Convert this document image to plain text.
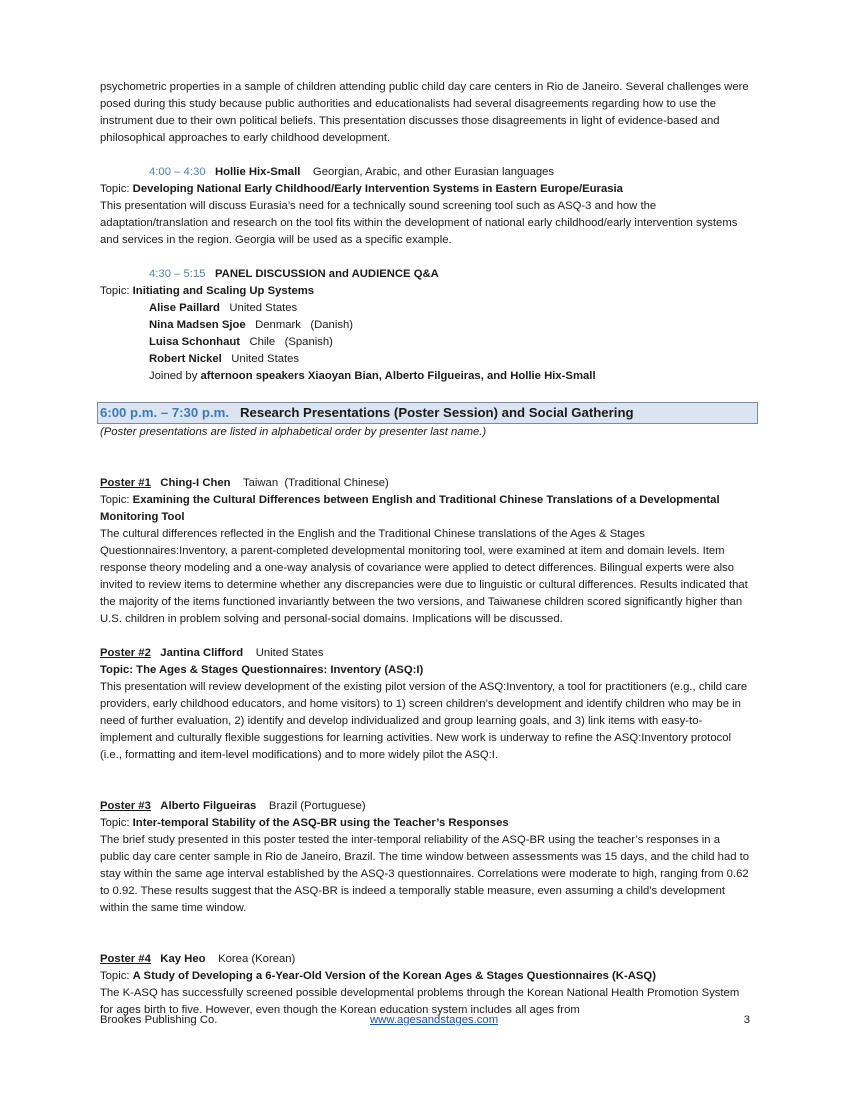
psychometric properties in a sample of children attending public child day care centers in Rio de Janeiro. Several challenges were posed during this study because public authorities and educationalists had several disagreements regarding how to use the instrument due to their own political beliefs. This presentation discusses those disagreements in light of evidence-based and philosophical approaches to early childhood development.

4:00 – 4:30 Hollie Hix-Small Georgian, Arabic, and other Eurasian languages

Topic: Developing National Early Childhood/Early Intervention Systems in Eastern Europe/Eurasia

This presentation will discuss Eurasia’s need for a technically sound screening tool such as ASQ-3 and how the adaptation/translation and research on the tool fits within the development of national early childhood/early intervention systems and services in the region. Georgia will be used as a specific example.

4:30 – 5:15 PANEL DISCUSSION and AUDIENCE Q&A

Topic: Initiating and Scaling Up Systems

Alise Paillard United States

Nina Madsen Sjoe Denmark   (Danish)

Luisa Schonhaut Chile   (Spanish)

Robert Nickel United States

Joined by afternoon speakers Xiaoyan Bian, Alberto Filgueiras, and Hollie Hix-Small

6:00 p.m. – 7:30 p.m. Research Presentations (Poster Session) and Social Gathering

(Poster presentations are listed in alphabetical order by presenter last name.)

Poster #1 Ching-I Chen Taiwan  (Traditional Chinese)

Topic: Examining the Cultural Differences between English and Traditional Chinese Translations of a Developmental Monitoring Tool

The cultural differences reflected in the English and the Traditional Chinese translations of the Ages & Stages Questionnaires:Inventory, a parent-completed developmental monitoring tool, were examined at item and domain levels. Item response theory modeling and a one-way analysis of covariance were applied to detect differences. Bilingual experts were also invited to review items to determine whether any discrepancies were due to linguistic or cultural differences. Results indicated that the majority of the items functioned invariantly between the two versions, and Taiwanese children scored significantly higher than U.S. children in problem solving and personal-social domains. Implications will be discussed.

Poster #2 Jantina Clifford United States

Topic: The Ages & Stages Questionnaires: Inventory (ASQ:I)

This presentation will review development of the existing pilot version of the ASQ:Inventory, a tool for practitioners (e.g., child care providers, early childhood educators, and home visitors) to 1) screen children’s development and identify children who may be in need of further evaluation, 2) identify and develop individualized and group learning goals, and 3) link items with easy-to-implement and culturally flexible suggestions for learning activities. New work is underway to refine the ASQ:Inventory protocol (i.e., formatting and item-level modifications) and to more widely pilot the ASQ:I.

Poster #3 Alberto Filgueiras Brazil (Portuguese)

Topic: Inter-temporal Stability of the ASQ-BR using the Teacher’s Responses

The brief study presented in this poster tested the inter-temporal reliability of the ASQ-BR using the teacher’s responses in a public day care center sample in Rio de Janeiro, Brazil. The time window between assessments was 15 days, and the child had to stay within the same age interval established by the ASQ-3 questionnaires. Correlations were moderate to high, ranging from 0.62 to 0.92. These results suggest that the ASQ-BR is indeed a temporally stable measure, even assuming a child’s development within the same time window.

Poster #4 Kay Heo Korea (Korean)

Topic: A Study of Developing a 6-Year-Old Version of the Korean Ages & Stages Questionnaires (K-ASQ)

The K-ASQ has successfully screened possible developmental problems through the Korean National Health Promotion System for ages birth to five. However, even though the Korean education system includes all ages from

Brookes Publishing Co.	www.agesandstages.com	3
